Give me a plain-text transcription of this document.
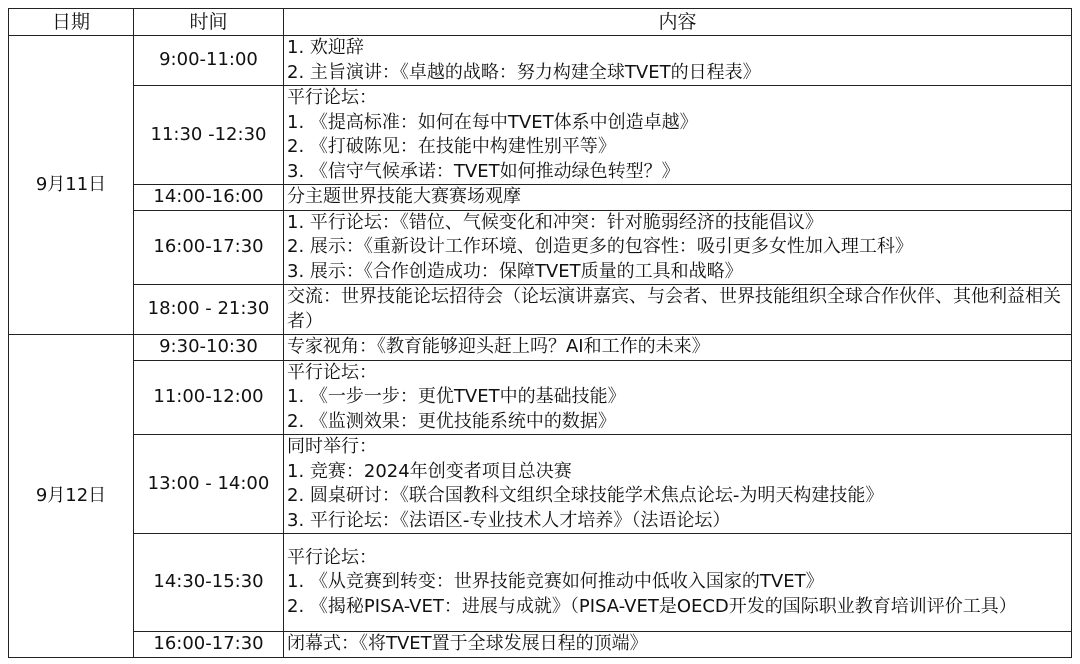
日期	时间	内容
9月11日	9:00-11:00	1. 欢迎辞
2. 主旨演讲：《卓越的战略：努力构建全球TVET的日程表》

	11:30 -12:30	平行论坛：
1. 《提高标准：如何在每中TVET体系中创造卓越》
2. 《打破陈见：在技能中构建性别平等》
3. 《信守气候承诺：TVET如何推动绿色转型？》

	14:00-16:00	分主题世界技能大赛赛场观摩

	16:00-17:30	1. 平行论坛：《错位、气候变化和冲突：针对脆弱经济的技能倡议》
2. 展示：《重新设计工作环境、创造更多的包容性：吸引更多女性加入理工科》
3. 展示：《合作创造成功：保障TVET质量的工具和战略》

	18:00 - 21:30	交流：世界技能论坛招待会（论坛演讲嘉宾、与会者、世界技能组织全球合作伙伴、其他利益相关者）

9月12日	9:30-10:30	专家视角：《教育能够迎头赶上吗？AI和工作的未来》

	11:00-12:00	平行论坛：
1. 《一步一步：更优TVET中的基础技能》
2. 《监测效果：更优技能系统中的数据》

	13:00 - 14:00	同时举行：
1. 竞赛：2024年创变者项目总决赛
2. 圆桌研讨：《联合国教科文组织全球技能学术焦点论坛-为明天构建技能》
3. 平行论坛：《法语区-专业技术人才培养》（法语论坛）

	14:30-15:30	平行论坛：
1. 《从竞赛到转变：世界技能竞赛如何推动中低收入国家的TVET》
2. 《揭秘PISA-VET：进展与成就》（PISA-VET是OECD开发的国际职业教育培训评价工具）

	16:00-17:30	闭幕式：《将TVET置于全球发展日程的顶端》
